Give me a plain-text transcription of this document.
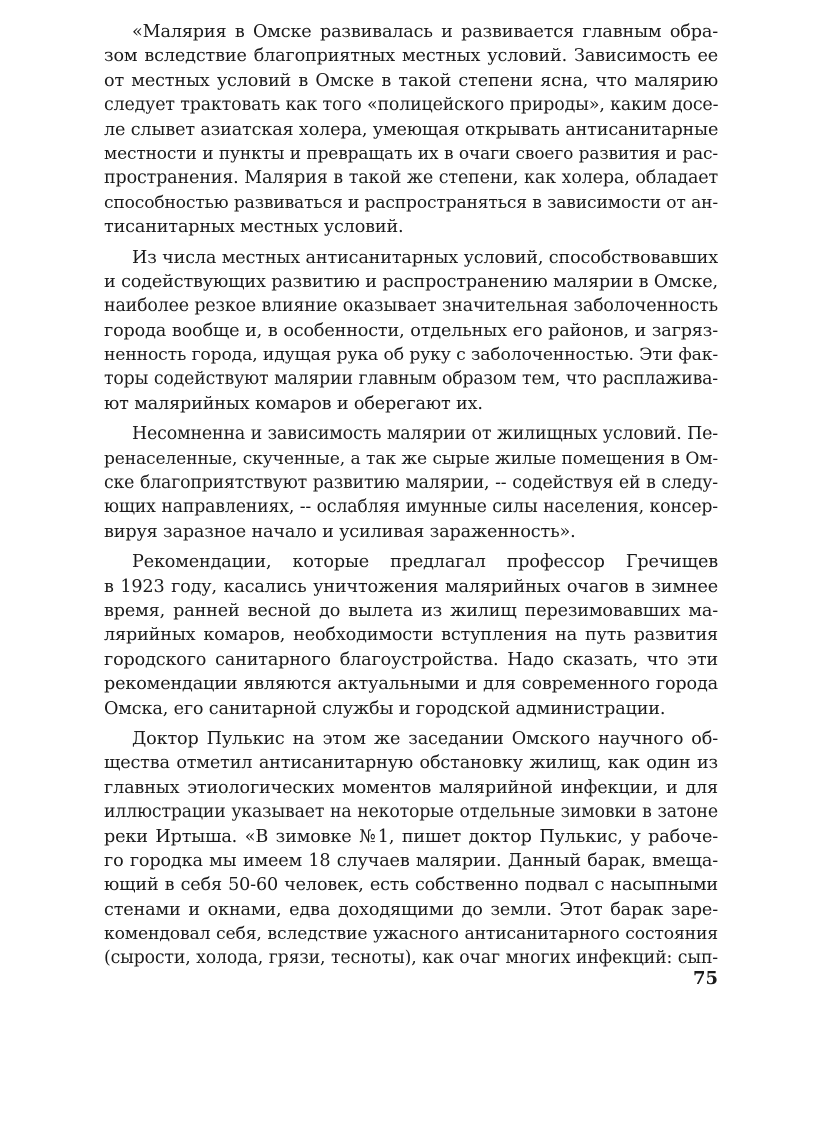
«Малярия в Омске развивалась и развивается главным обра-
зом вследствие благоприятных местных условий. Зависимость ее
от местных условий в Омске в такой степени ясна, что малярию
следует трактовать как того «полицейского природы», каким досе-
ле слывет азиатская холера, умеющая открывать антисанитарные
местности и пункты и превращать их в очаги своего развития и рас-
пространения. Малярия в такой же степени, как холера, обладает
способностью развиваться и распространяться в зависимости от ан-
тисанитарных местных условий.
Из числа местных антисанитарных условий, способствовавших
и содействующих развитию и распространению малярии в Омске,
наиболее резкое влияние оказывает значительная заболоченность
города вообще и, в особенности, отдельных его районов, и загряз-
ненность города, идущая рука об руку с заболоченностью. Эти фак-
торы содействуют малярии главным образом тем, что расплажива-
ют малярийных комаров и оберегают их.
Несомненна и зависимость малярии от жилищных условий. Пе-
ренаселенные, скученные, а так же сырые жилые помещения в Ом-
ске благоприятствуют развитию малярии, -- содействуя ей в следу-
ющих направлениях, -- ослабляя имунные силы населения, консер-
вируя заразное начало и усиливая зараженность».
Рекомендации, которые предлагал профессор Гречищев
в 1923 году, касались уничтожения малярийных очагов в зимнее
время, ранней весной до вылета из жилищ перезимовавших ма-
лярийных комаров, необходимости вступления на путь развития
городского санитарного благоустройства. Надо сказать, что эти
рекомендации являются актуальными и для современного города
Омска, его санитарной службы и городской администрации.
Доктор Пулькис на этом же заседании Омского научного об-
щества отметил антисанитарную обстановку жилищ, как один из
главных этиологических моментов малярийной инфекции, и для
иллюстрации указывает на некоторые отдельные зимовки в затоне
реки Иртыша. «В зимовке №1, пишет доктор Пулькис, у рабоче-
го городка мы имеем 18 случаев малярии. Данный барак, вмеща-
ющий в себя 50-60 человек, есть собственно подвал с насыпными
стенами и окнами, едва доходящими до земли. Этот барак заре-
комендовал себя, вследствие ужасного антисанитарного состояния
(сырости, холода, грязи, тесноты), как очаг многих инфекций: сып-
75
